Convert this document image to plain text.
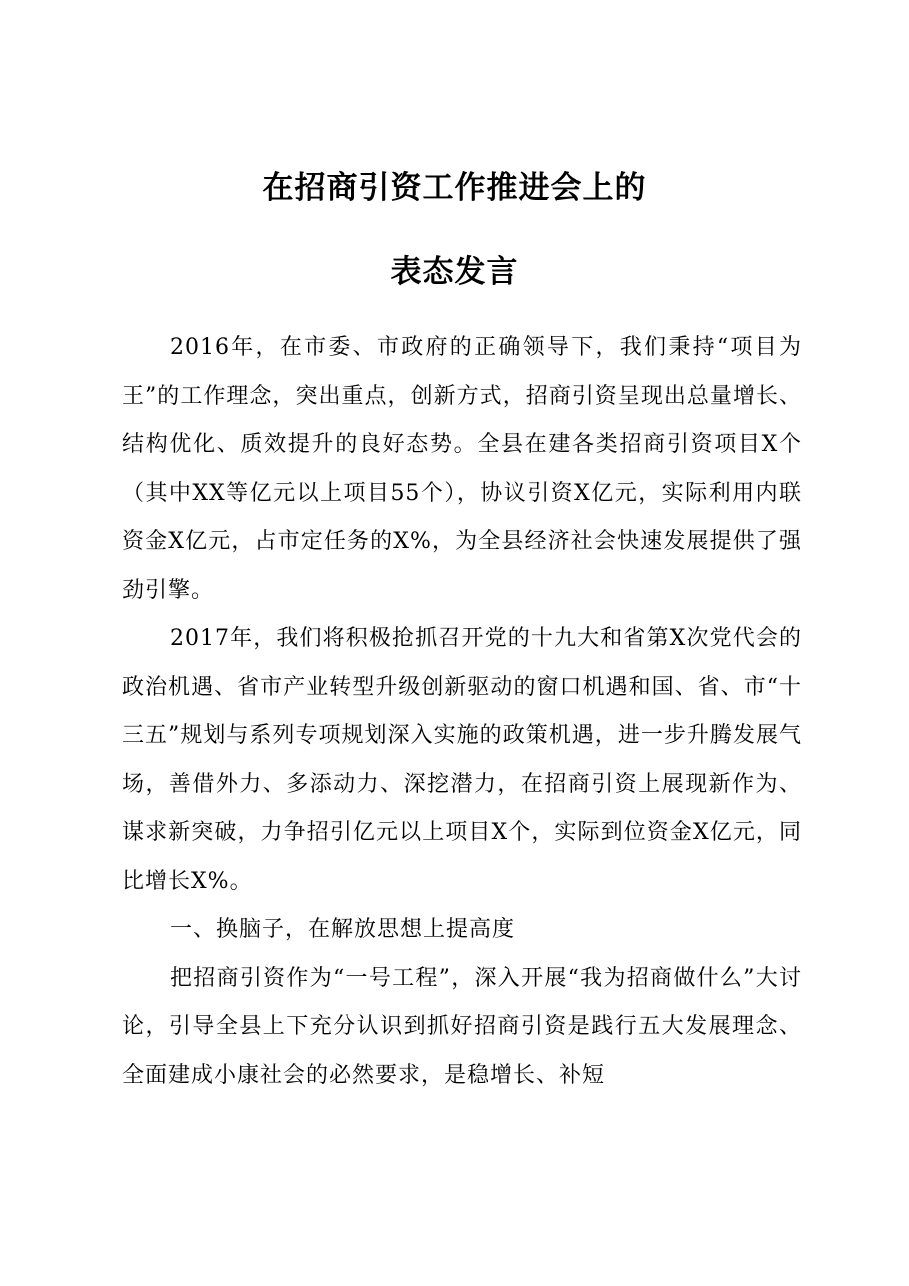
在招商引资工作推进会上的
表态发言

2016年，在市委、市政府的正确领导下，我们秉持“项目为王”的工作理念，突出重点，创新方式，招商引资呈现出总量增长、结构优化、质效提升的良好态势。全县在建各类招商引资项目X个（其中XX等亿元以上项目55个），协议引资X亿元，实际利用内联资金X亿元，占市定任务的X%，为全县经济社会快速发展提供了强劲引擎。

2017年，我们将积极抢抓召开党的十九大和省第X次党代会的政治机遇、省市产业转型升级创新驱动的窗口机遇和国、省、市“十三五”规划与系列专项规划深入实施的政策机遇，进一步升腾发展气场，善借外力、多添动力、深挖潜力，在招商引资上展现新作为、谋求新突破，力争招引亿元以上项目X个，实际到位资金X亿元，同比增长X%。

一、换脑子，在解放思想上提高度

把招商引资作为“一号工程”，深入开展“我为招商做什么”大讨论，引导全县上下充分认识到抓好招商引资是践行五大发展理念、全面建成小康社会的必然要求，是稳增长、补短
